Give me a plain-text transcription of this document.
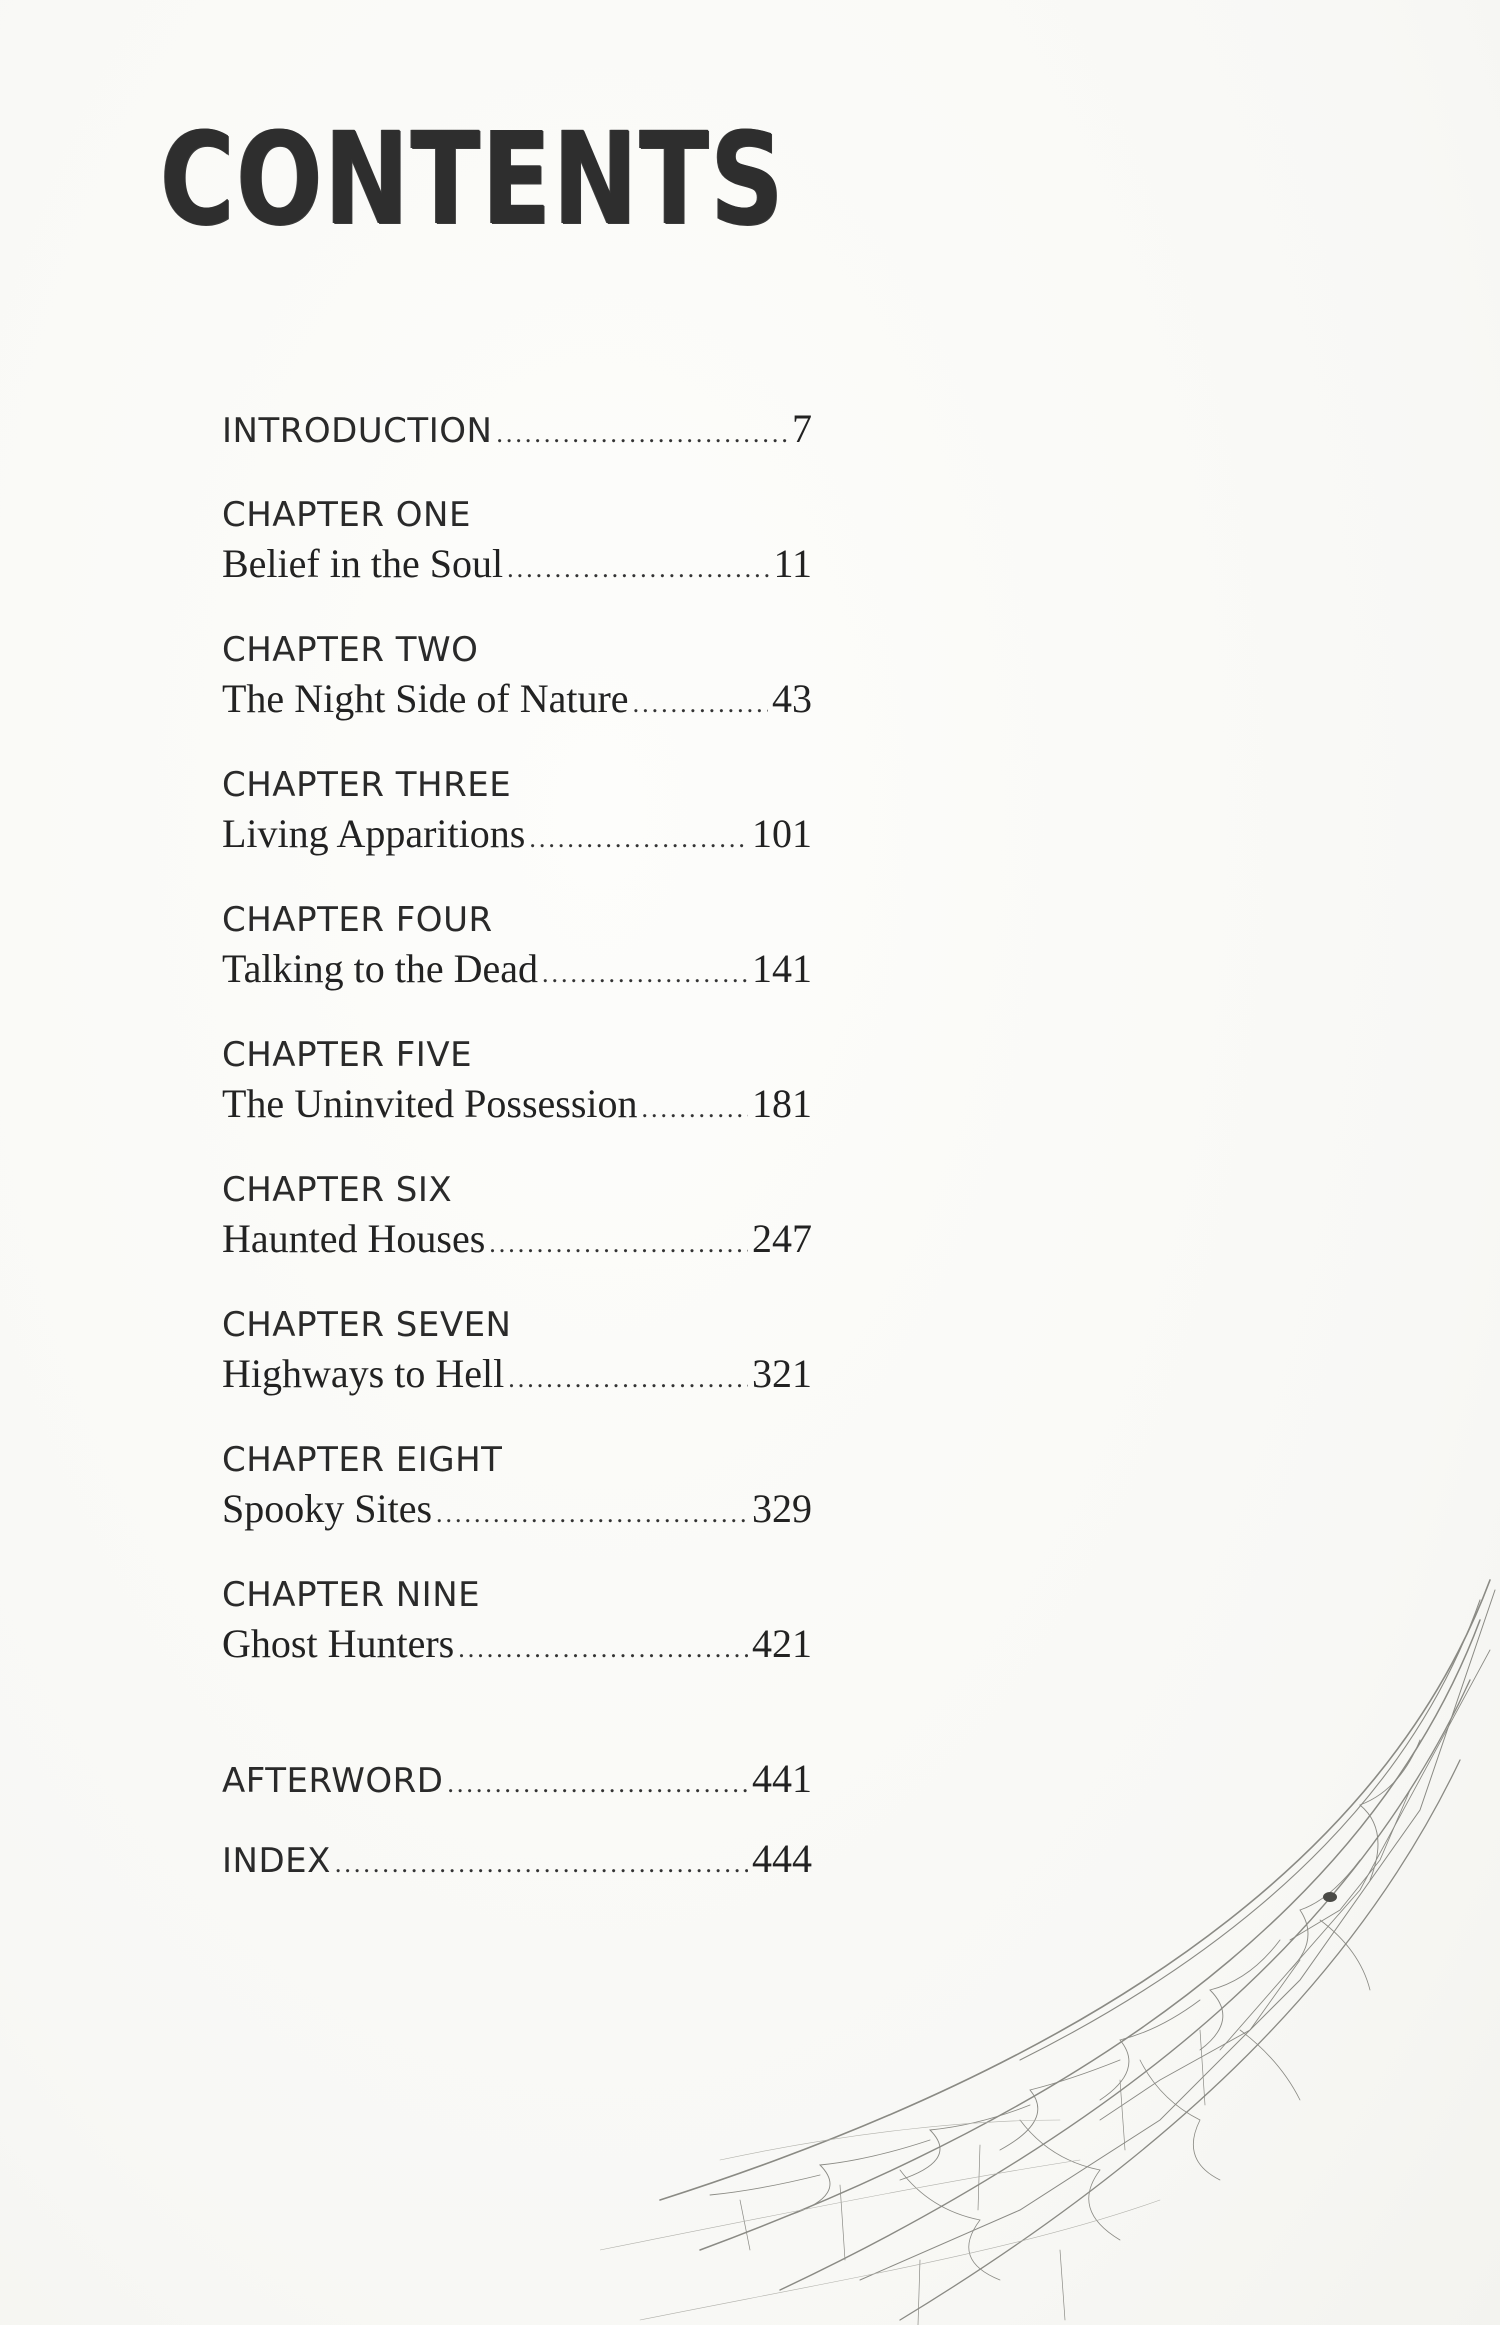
CONTENTS
INTRODUCTION .....	7
CHAPTER ONE
Belief in the Soul .....	11
CHAPTER TWO
The Night Side of Nature .....	43
CHAPTER THREE
Living Apparitions .....	101
CHAPTER FOUR
Talking to the Dead .....	141
CHAPTER FIVE
The Uninvited Possession .....	181
CHAPTER SIX
Haunted Houses .....	247
CHAPTER SEVEN
Highways to Hell .....	321
CHAPTER EIGHT
Spooky Sites .....	329
CHAPTER NINE
Ghost Hunters .....	421
AFTERWORD .....	441
INDEX .....	444
